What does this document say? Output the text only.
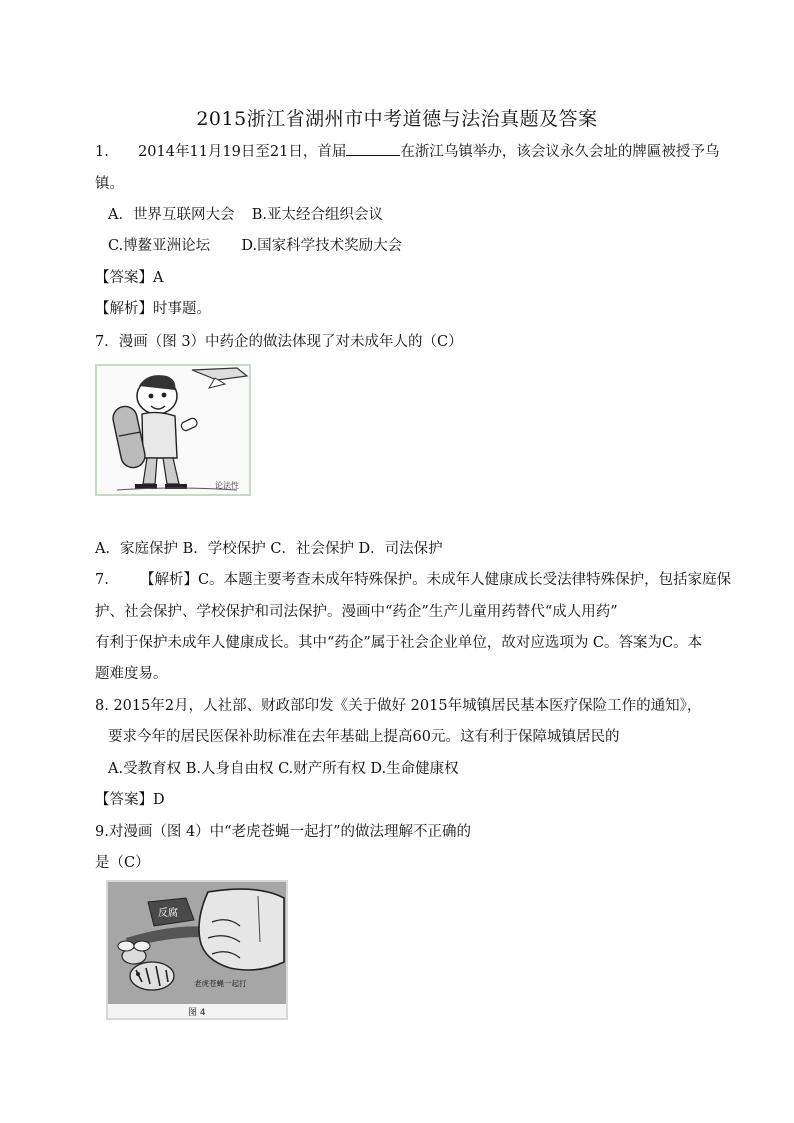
2015浙江省湖州市中考道德与法治真题及答案
1. 2014年11月19日至21日，首届	在浙江乌镇举办，该会议永久会址的牌匾被授予乌
镇。
A．世界互联网大会 B.亚太经合组织会议
C.博鳌亚洲论坛 D.国家科学技术奖励大会
【答案】A
【解析】时事题。
7．漫画（图 3）中药企的做法体现了对未成年人的（C）
论法性
A．家庭保护 B．学校保护 C．社会保护 D．司法保护
7. 【解析】C。本题主要考查未成年特殊保护。未成年人健康成长受法律特殊保护，包括家庭保
护、社会保护、学校保护和司法保护。漫画中“药企”生产儿童用药替代“成人用药”
有利于保护未成年人健康成长。其中“药企”属于社会企业单位，故对应选项为 C。答案为C。本
题难度易。
8. 2015年2月，人社部、财政部印发《关于做好 2015年城镇居民基本医疗保险工作的通知》，
要求今年的居民医保补助标准在去年基础上提高60元。这有利于保障城镇居民的
A.受教育权 B.人身自由权 C.财产所有权 D.生命健康权
【答案】D
9.对漫画（图 4）中“老虎苍蝇一起打”的做法理解不正确的
是（C）
反腐
老虎苍蝇一起打
图 4
